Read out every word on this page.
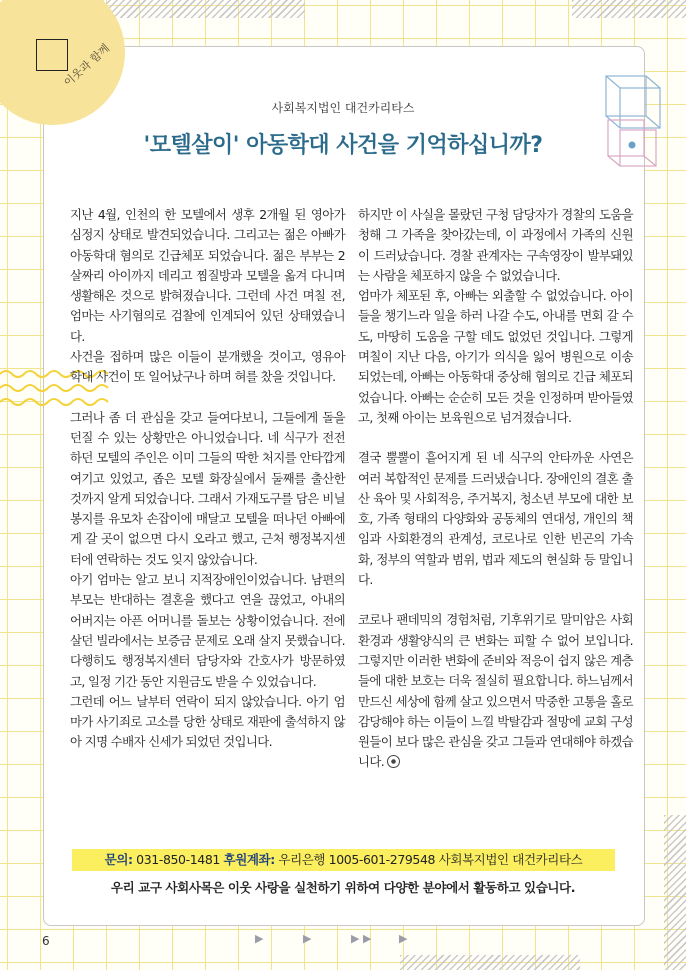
이웃과 함께
사회복지법인 대건카리타스
'모텔살이' 아동학대 사건을 기억하십니까?

지난 4월, 인천의 한 모텔에서 생후 2개월 된 영아가 심정지 상태로 발견되었습니다. 그리고는 젊은 아빠가 아동학대 혐의로 긴급체포 되었습니다. 젊은 부부는 2살짜리 아이까지 데리고 찜질방과 모텔을 옮겨 다니며 생활해온 것으로 밝혀졌습니다. 그런데 사건 며칠 전, 엄마는 사기혐의로 검찰에 인계되어 있던 상태였습니다.

사건을 접하며 많은 이들이 분개했을 것이고, 영유아 학대 사건이 또 일어났구나 하며 혀를 찼을 것입니다.

그러나 좀 더 관심을 갖고 들여다보니, 그들에게 돌을 던질 수 있는 상황만은 아니었습니다. 네 식구가 전전하던 모텔의 주인은 이미 그들의 딱한 처지를 안타깝게 여기고 있었고, 좁은 모텔 화장실에서 둘째를 출산한 것까지 알게 되었습니다. 그래서 가재도구를 담은 비닐봉지를 유모차 손잡이에 매달고 모텔을 떠나던 아빠에게 갈 곳이 없으면 다시 오라고 했고, 근처 행정복지센터에 연락하는 것도 잊지 않았습니다.

아기 엄마는 알고 보니 지적장애인이었습니다. 남편의 부모는 반대하는 결혼을 했다고 연을 끊었고, 아내의 어버지는 아픈 어머니를 돌보는 상황이었습니다. 전에 살던 빌라에서는 보증금 문제로 오래 살지 못했습니다. 다행히도 행정복지센터 담당자와 간호사가 방문하였고, 일정 기간 동안 지원금도 받을 수 있었습니다.

그런데 어느 날부터 연락이 되지 않았습니다. 아기 엄마가 사기죄로 고소를 당한 상태로 재판에 출석하지 않아 지명 수배자 신세가 되었던 것입니다.

하지만 이 사실을 몰랐던 구청 담당자가 경찰의 도움을 청해 그 가족을 찾아갔는데, 이 과정에서 가족의 신원이 드러났습니다. 경찰 관계자는 구속영장이 발부돼있는 사람을 체포하지 않을 수 없었습니다.

엄마가 체포된 후, 아빠는 외출할 수 없었습니다. 아이들을 챙기느라 일을 하러 나갈 수도, 아내를 면회 갈 수도, 마땅히 도움을 구할 데도 없었던 것입니다. 그렇게 며칠이 지난 다음, 아기가 의식을 잃어 병원으로 이송되었는데, 아빠는 아동학대 중상해 혐의로 긴급 체포되었습니다. 아빠는 순순히 모든 것을 인정하며 받아들였고, 첫째 아이는 보육원으로 넘겨졌습니다.

결국 뿔뿔이 흩어지게 된 네 식구의 안타까운 사연은 여러 복합적인 문제를 드러냈습니다. 장애인의 결혼 출산 육아 및 사회적응, 주거복지, 청소년 부모에 대한 보호, 가족 형태의 다양화와 공동체의 연대성, 개인의 책임과 사회환경의 관계성, 코로나로 인한 빈곤의 가속화, 정부의 역할과 범위, 법과 제도의 현실화 등 말입니다.

코로나 팬데믹의 경험처럼, 기후위기로 말미암은 사회환경과 생활양식의 큰 변화는 피할 수 없어 보입니다. 그렇지만 이러한 변화에 준비와 적응이 쉽지 않은 계층들에 대한 보호는 더욱 절실히 필요합니다. 하느님께서 만드신 세상에 함께 살고 있으면서 막중한 고통을 홀로 감당해야 하는 이들이 느낄 박탈감과 절망에 교회 구성원들이 보다 많은 관심을 갖고 그들과 연대해야 하겠습니다.

문의: 031-850-1481 후원계좌: 우리은행 1005-601-279548 사회복지법인 대건카리타스
우리 교구 사회사목은 이웃 사랑을 실천하기 위하여 다양한 분야에서 활동하고 있습니다.
6	▶	▶	▶ ▶	▶
